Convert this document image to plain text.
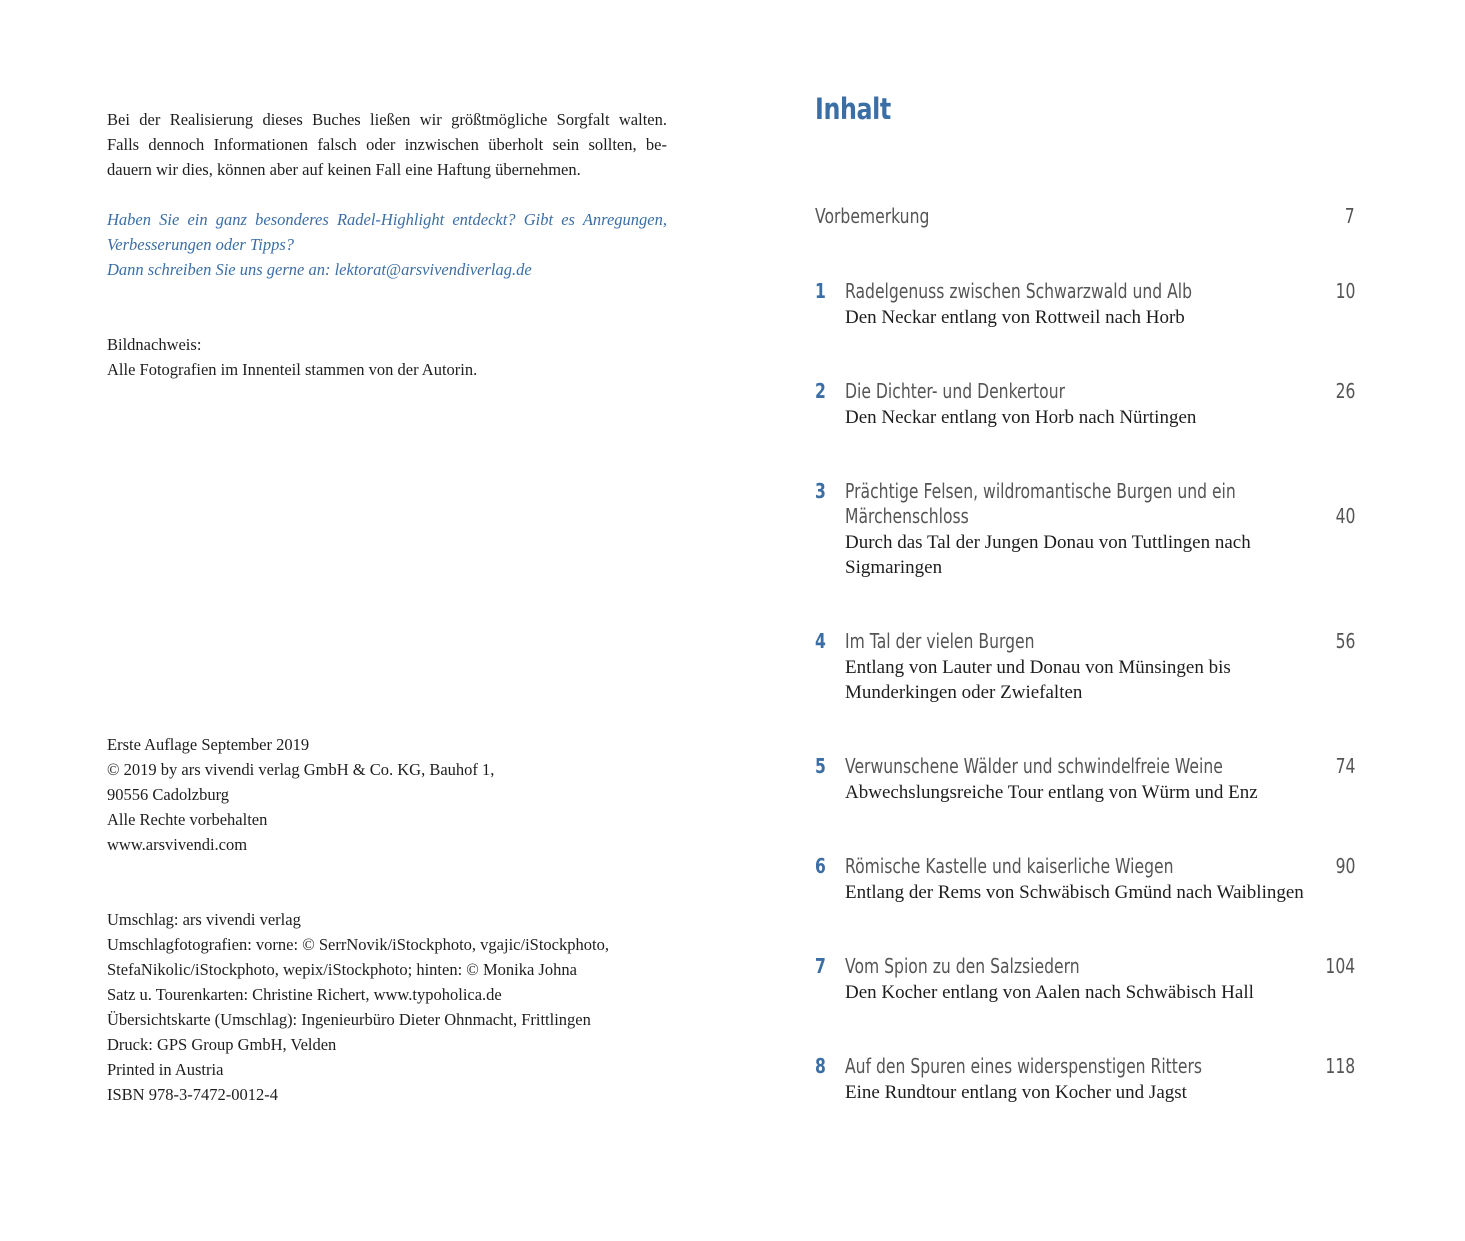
Bei der Realisierung dieses Buches ließen wir größtmögliche Sorgfalt walten.
Falls dennoch Informationen falsch oder inzwischen überholt sein sollten, be-
dauern wir dies, können aber auf keinen Fall eine Haftung übernehmen.

Haben Sie ein ganz besonderes Radel-Highlight entdeckt? Gibt es Anregungen,
Verbesserungen oder Tipps?
Dann schreiben Sie uns gerne an: lektorat@arsvivendiverlag.de

Bildnachweis:
Alle Fotografien im Innenteil stammen von der Autorin.

Erste Auflage September 2019
© 2019 by ars vivendi verlag GmbH & Co. KG, Bauhof 1,
90556 Cadolzburg
Alle Rechte vorbehalten
www.arsvivendi.com

Umschlag: ars vivendi verlag
Umschlagfotografien: vorne: © SerrNovik/iStockphoto, vgajic/iStockphoto,
StefaNikolic/iStockphoto, wepix/iStockphoto; hinten: © Monika Johna
Satz u. Tourenkarten: Christine Richert, www.typoholica.de
Übersichtskarte (Umschlag): Ingenieurbüro Dieter Ohnmacht, Frittlingen
Druck: GPS Group GmbH, Velden
Printed in Austria
ISBN 978-3-7472-0012-4

Inhalt
Vorbemerkung	7
1 Radelgenuss zwischen Schwarzwald und Alb	10
Den Neckar entlang von Rottweil nach Horb
2 Die Dichter- und Denkertour	26
Den Neckar entlang von Horb nach Nürtingen
3 Prächtige Felsen, wildromantische Burgen und ein
Märchenschloss	40
Durch das Tal der Jungen Donau von Tuttlingen nach
Sigmaringen
4 Im Tal der vielen Burgen	56
Entlang von Lauter und Donau von Münsingen bis
Munderkingen oder Zwiefalten
5 Verwunschene Wälder und schwindelfreie Weine	74
Abwechslungsreiche Tour entlang von Würm und Enz
6 Römische Kastelle und kaiserliche Wiegen	90
Entlang der Rems von Schwäbisch Gmünd nach Waiblingen
7 Vom Spion zu den Salzsiedern	104
Den Kocher entlang von Aalen nach Schwäbisch Hall
8 Auf den Spuren eines widerspenstigen Ritters	118
Eine Rundtour entlang von Kocher und Jagst
